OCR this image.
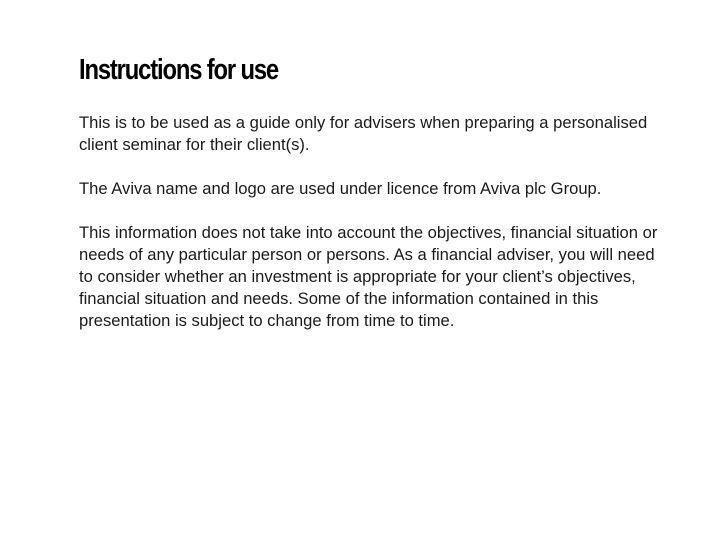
Instructions for use

This is to be used as a guide only for advisers when preparing a personalised client seminar for their client(s).

The Aviva name and logo are used under licence from Aviva plc Group.

This information does not take into account the objectives, financial situation or needs of any particular person or persons. As a financial adviser, you will need to consider whether an investment is appropriate for your client’s objectives, financial situation and needs. Some of the information contained in this presentation is subject to change from time to time.
